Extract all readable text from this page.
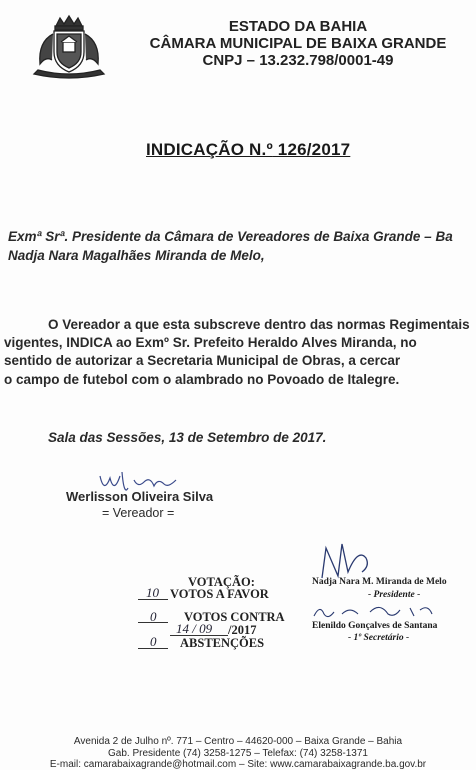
ESTADO DA BAHIA
CÂMARA MUNICIPAL DE BAIXA GRANDE
CNPJ – 13.232.798/0001-49
INDICAÇÃO N.º 126/2017
Exmª Srª. Presidente da Câmara de Vereadores de Baixa Grande – Ba
Nadja Nara Magalhães Miranda de Melo,
O Vereador a que esta subscreve dentro das normas Regimentais
vigentes, INDICA ao Exmº Sr. Prefeito Heraldo Alves Miranda, no
sentido de autorizar a Secretaria Municipal de Obras, a cercar
o campo de futebol com o alambrado no Povoado de Italegre.
Sala das Sessões, 13 de Setembro de 2017.
Werlisson Oliveira Silva
= Vereador =
VOTAÇÃO:
10 VOTOS A FAVOR
0 VOTOS CONTRA
14 / 09 /2017
0 ABSTENÇÕES
Nadja Nara M. Miranda de Melo
- Presidente -
Elenildo Gonçalves de Santana
- 1º Secretário -
Avenida 2 de Julho nº. 771 – Centro – 44620-000 – Baixa Grande – Bahia
Gab. Presidente (74) 3258-1275 – Telefax: (74) 3258-1371
E-mail: camarabaixagrande@hotmail.com – Site: www.camarabaixagrande.ba.gov.br
